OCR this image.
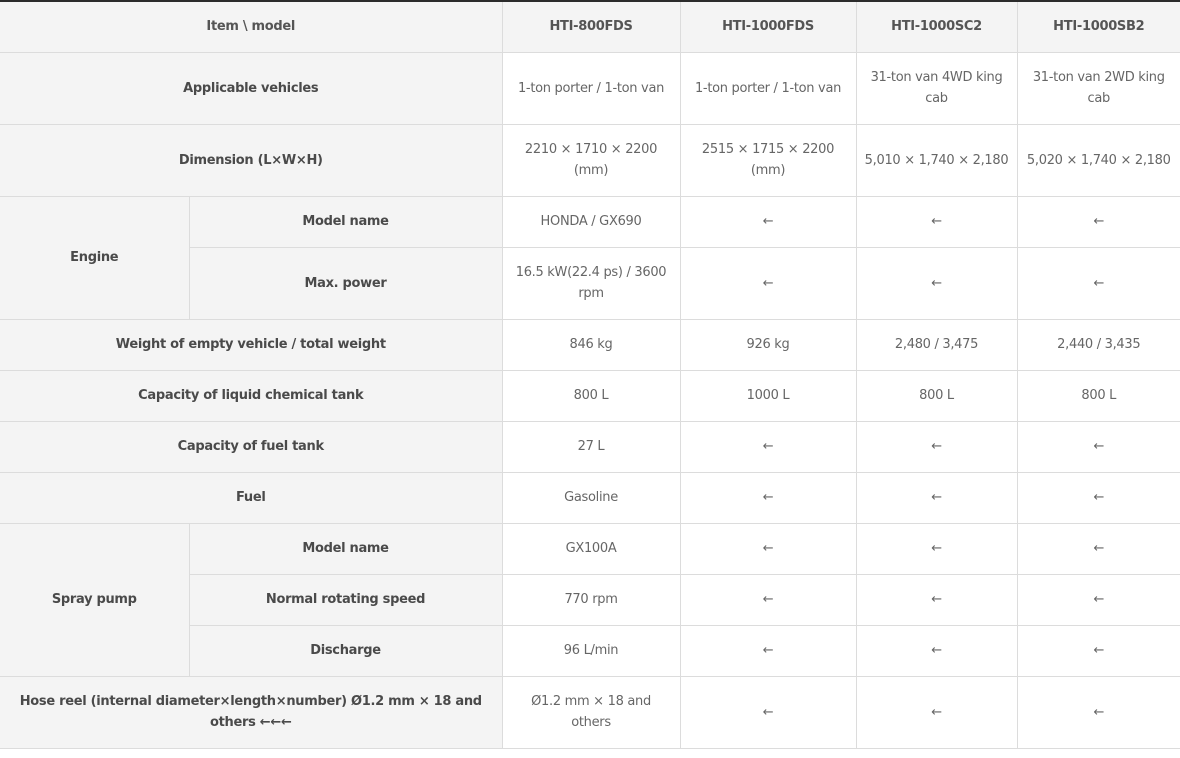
Item \ model		HTI-800FDS	HTI-1000FDS	HTI-1000SC2	HTI-1000SB2
Applicable vehicles		1-ton porter / 1-ton van	1-ton porter / 1-ton van	31-ton van 4WD king cab	31-ton van 2WD king cab
Dimension (L×W×H)		2210 × 1710 × 2200 (mm)	2515 × 1715 × 2200 (mm)	5,010 × 1,740 × 2,180	5,020 × 1,740 × 2,180
Engine	Model name	HONDA / GX690	←	←	←
	Max. power	16.5 kW(22.4 ps) / 3600 rpm	←	←	←
Weight of empty vehicle / total weight		846 kg	926 kg	2,480 / 3,475	2,440 / 3,435
Capacity of liquid chemical tank		800 L	1000 L	800 L	800 L
Capacity of fuel tank		27 L	←	←	←
Fuel		Gasoline	←	←	←
Spray pump	Model name	GX100A	←	←	←
	Normal rotating speed	770 rpm	←	←	←
	Discharge	96 L/min	←	←	←
Hose reel (internal diameter×length×number) Ø1.2 mm × 18 and others ←←←		Ø1.2 mm × 18 and others	←	←	←
